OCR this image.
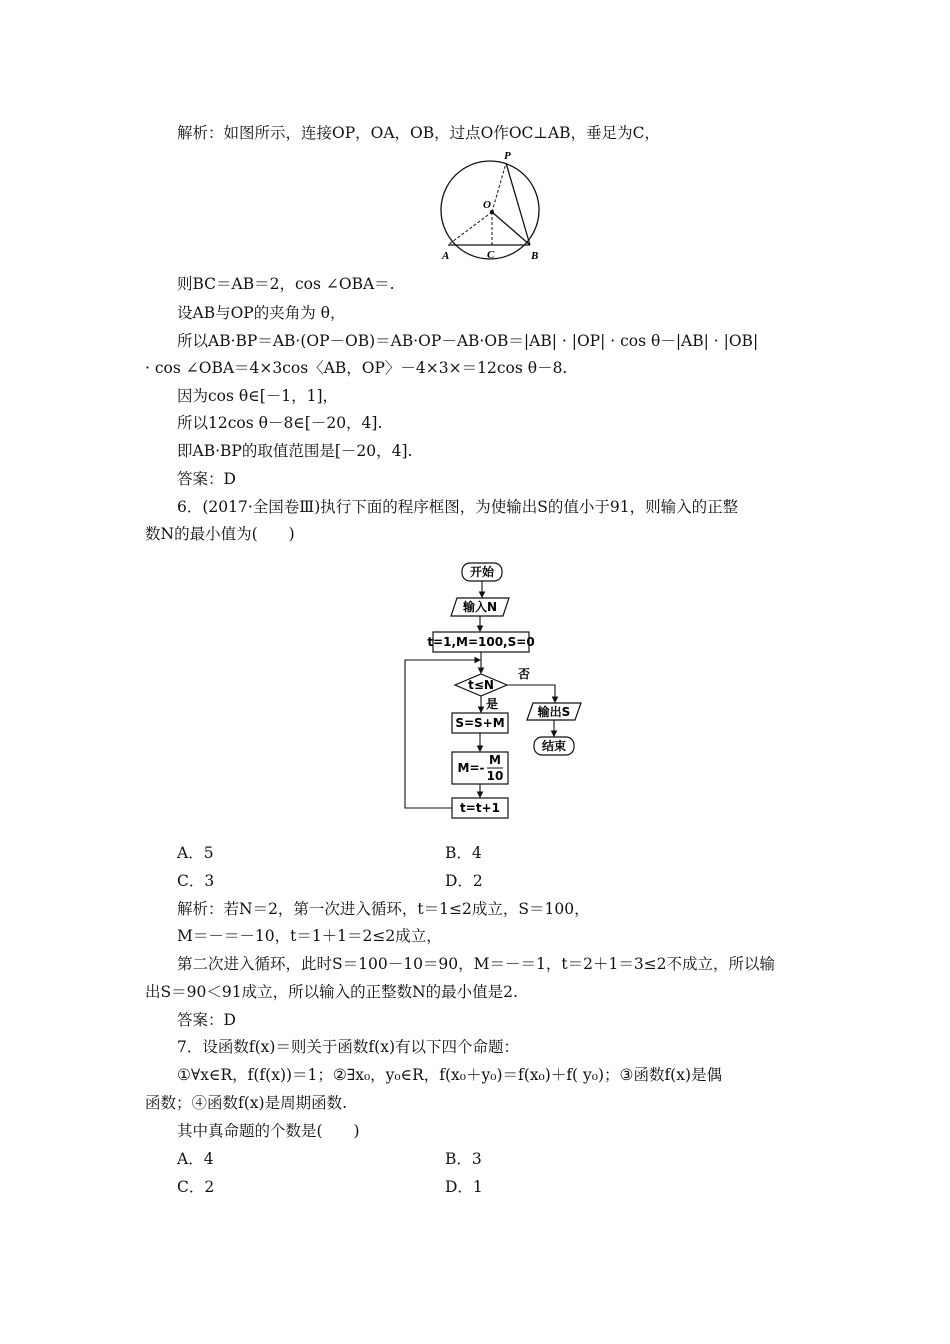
解析：如图所示，连接OP，OA，OB，过点O作OC⊥AB，垂足为C，
P
O
A	C	B
则BC＝AB＝2，cos ∠OBA＝.
设AB与OP的夹角为 θ，
所以AB·BP＝AB·(OP－OB)＝AB·OP－AB·OB＝|AB| · |OP| · cos θ－|AB| · |OB|
· cos ∠OBA＝4×3cos〈AB，OP〉－4×3×＝12cos θ－8.
因为cos θ∈[－1，1]，
所以12cos θ－8∈[－20，4].
即AB·BP的取值范围是[－20，4].
答案：D
6．(2017·全国卷Ⅲ)执行下面的程序框图，为使输出S的值小于91，则输入的正整
数N的最小值为(　　)
开始
输入N
t=1,M=100,S=0
t≤N
否
是
S=S+M
M=-
M
10
t=t+1
输出S
结束
A．5	B．4
C．3	D．2
解析：若N＝2，第一次进入循环，t＝1≤2成立，S＝100，
M＝－＝－10，t＝1＋1＝2≤2成立，
第二次进入循环，此时S＝100－10＝90，M＝－＝1，t＝2＋1＝3≤2不成立，所以输
出S＝90＜91成立，所以输入的正整数N的最小值是2.
答案：D
7．设函数f(x)＝则关于函数f(x)有以下四个命题：
①∀x∈R，f(f(x))＝1；②∃x₀，y₀∈R，f(x₀＋y₀)＝f(x₀)＋f( y₀)；③函数f(x)是偶
函数；④函数f(x)是周期函数.
其中真命题的个数是(　　)
A．4	B．3
C．2	D．1
